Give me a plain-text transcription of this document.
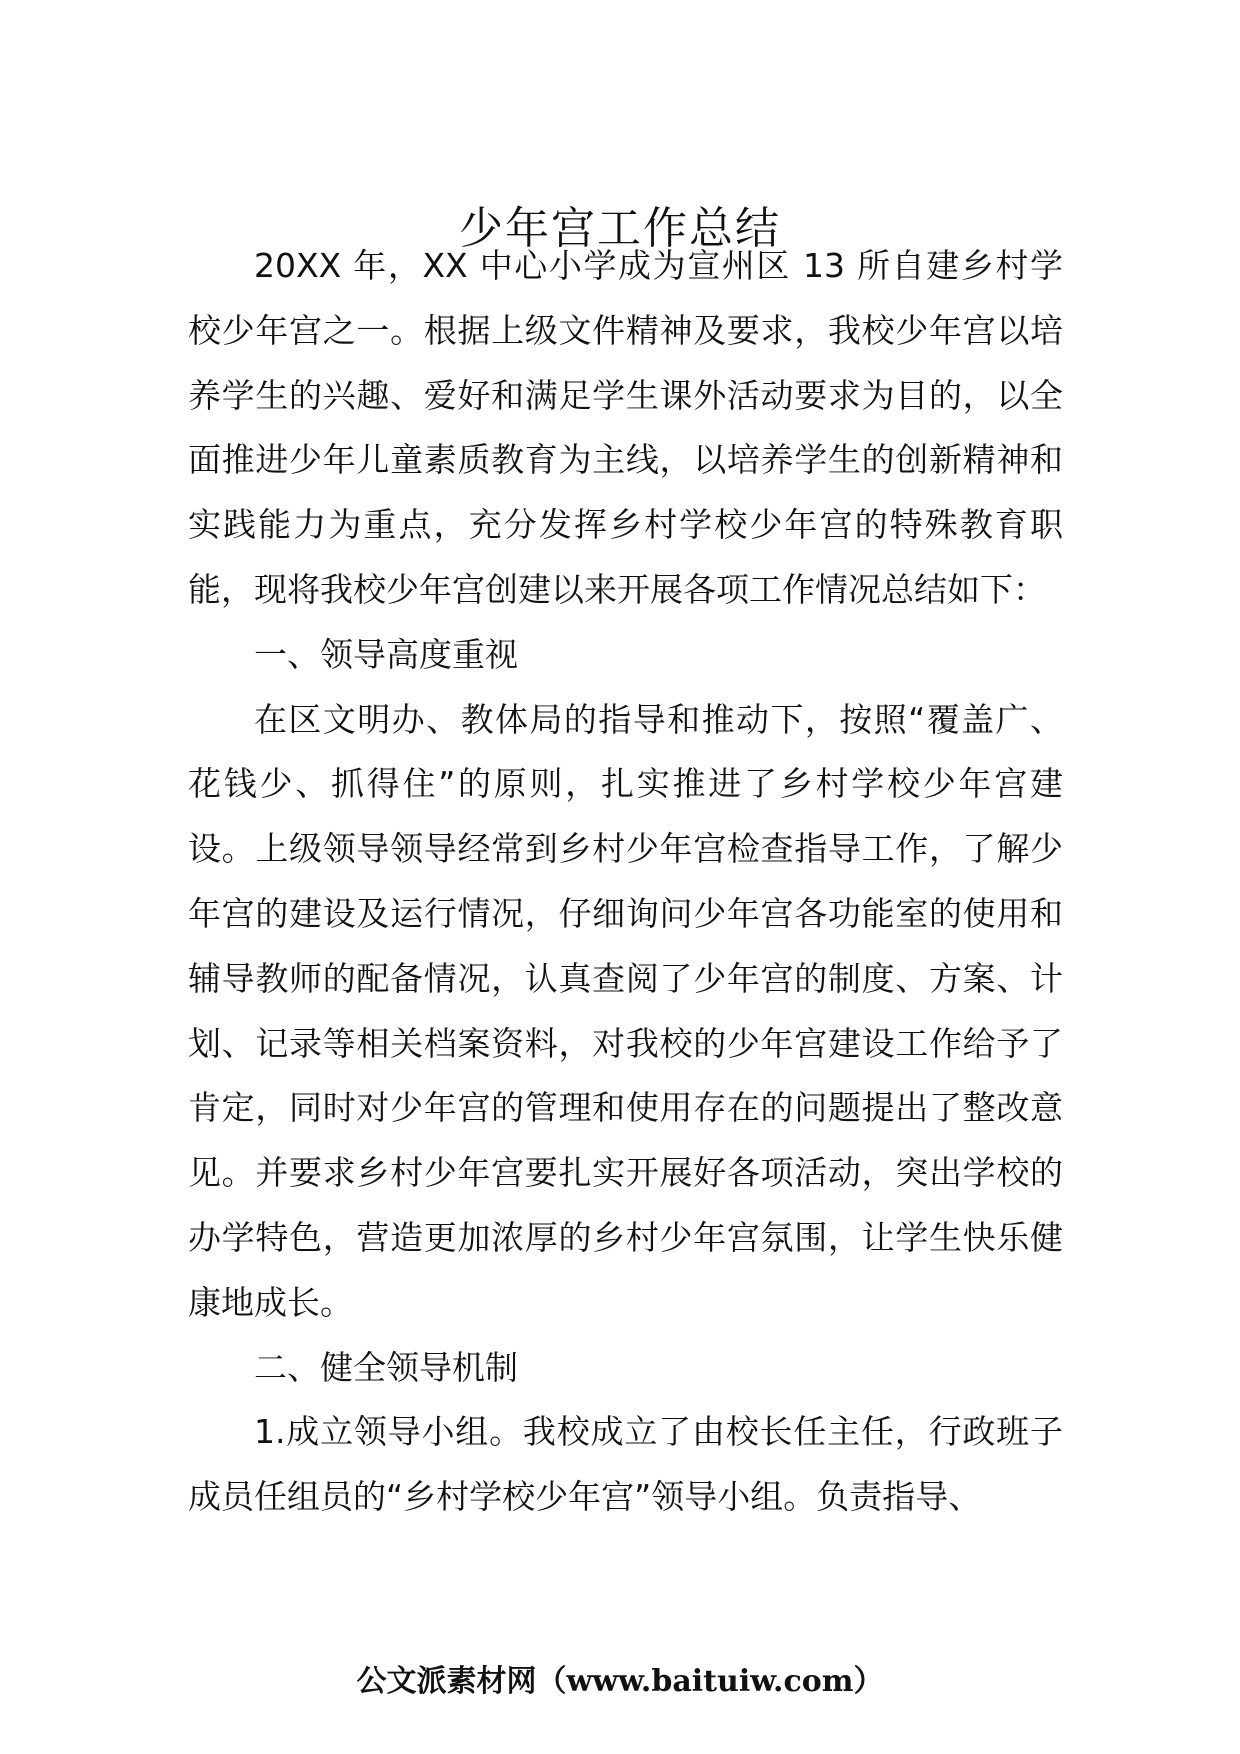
少年宫工作总结

20XX 年，XX 中心小学成为宣州区 13 所自建乡村学校少年宫之一。根据上级文件精神及要求，我校少年宫以培养学生的兴趣、爱好和满足学生课外活动要求为目的，以全面推进少年儿童素质教育为主线，以培养学生的创新精神和实践能力为重点，充分发挥乡村学校少年宫的特殊教育职能，现将我校少年宫创建以来开展各项工作情况总结如下：

一、领导高度重视

在区文明办、教体局的指导和推动下，按照“覆盖广、花钱少、抓得住”的原则，扎实推进了乡村学校少年宫建设。上级领导领导经常到乡村少年宫检查指导工作，了解少年宫的建设及运行情况，仔细询问少年宫各功能室的使用和辅导教师的配备情况，认真查阅了少年宫的制度、方案、计划、记录等相关档案资料，对我校的少年宫建设工作给予了肯定，同时对少年宫的管理和使用存在的问题提出了整改意见。并要求乡村少年宫要扎实开展好各项活动，突出学校的办学特色，营造更加浓厚的乡村少年宫氛围，让学生快乐健康地成长。

二、健全领导机制

1.成立领导小组。我校成立了由校长任主任，行政班子成员任组员的“乡村学校少年宫”领导小组。负责指导、

公文派素材网（www.baituiw.com）
